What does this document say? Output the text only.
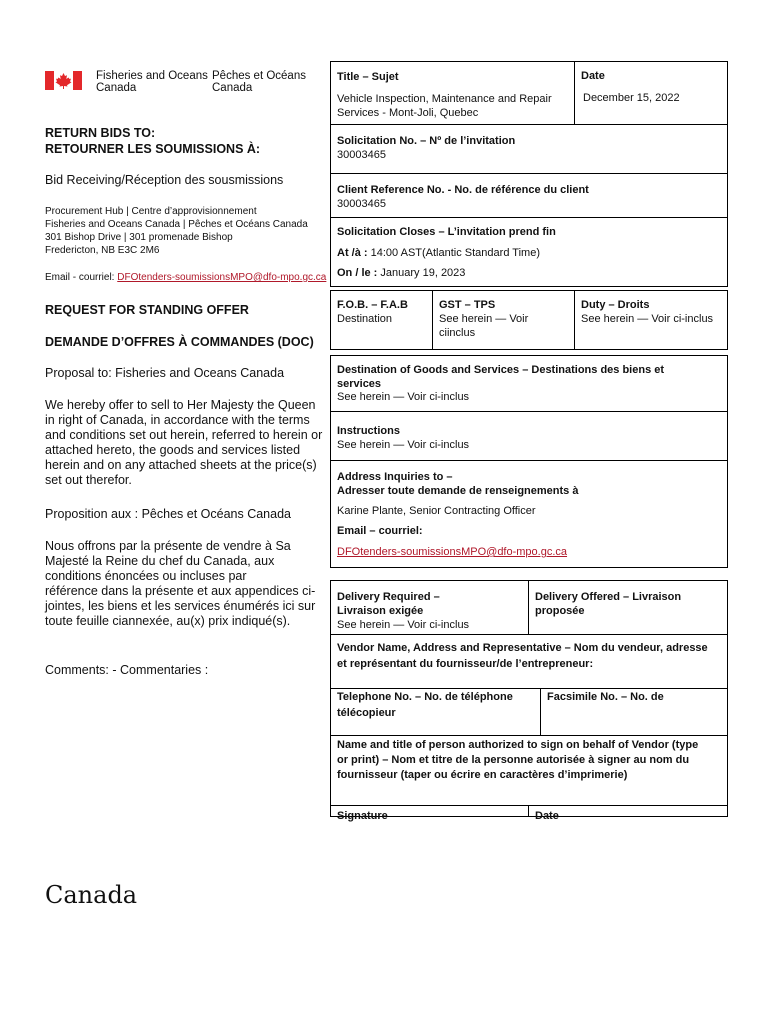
Fisheries and Oceans
Canada
Pêches et Océans
Canada
RETURN BIDS TO:
RETOURNER LES SOUMISSIONS À:
Bid Receiving/Réception des sousmissions
Procurement Hub | Centre d’approvisionnement
Fisheries and Oceans Canada | Pêches et Océans Canada
301 Bishop Drive | 301 promenade Bishop
Fredericton, NB E3C 2M6
Email - courriel: DFOtenders-soumissionsMPO@dfo-mpo.gc.ca
REQUEST FOR STANDING OFFER
DEMANDE D’OFFRES À COMMANDES (DOC)
Proposal to: Fisheries and Oceans Canada
We hereby offer to sell to Her Majesty the Queen
in right of Canada, in accordance with the terms
and conditions set out herein, referred to herein or
attached hereto, the goods and services listed
herein and on any attached sheets at the price(s)
set out therefor.
Proposition aux : Pêches et Océans Canada
Nous offrons par la présente de vendre à Sa
Majesté la Reine du chef du Canada, aux
conditions énoncées ou incluses par
référence dans la présente et aux appendices ci-
jointes, les biens et les services énumérés ici sur
toute feuille ciannexée, au(x) prix indiqué(s).
Comments: - Commentaries :
Canada
Title – Sujet
Vehicle Inspection, Maintenance and Repair
Services - Mont-Joli, Quebec
Date
December 15, 2022
Solicitation No. – Nº de l’invitation
30003465
Client Reference No. - No. de référence du client
30003465
Solicitation Closes – L’invitation prend fin
At /à : 14:00 AST(Atlantic Standard Time)
On / le : January 19, 2023
F.O.B. – F.A.B
Destination
GST – TPS
See herein — Voir
ciinclus
Duty – Droits
See herein — Voir ci-inclus
Destination of Goods and Services – Destinations des biens et
services
See herein — Voir ci-inclus
Instructions
See herein — Voir ci-inclus
Address Inquiries to –
Adresser toute demande de renseignements à
Karine Plante, Senior Contracting Officer
Email – courriel:
DFOtenders-soumissionsMPO@dfo-mpo.gc.ca
Delivery Required –
Livraison exigée
See herein — Voir ci-inclus
Delivery Offered – Livraison
proposée
Vendor Name, Address and Representative – Nom du vendeur, adresse
et représentant du fournisseur/de l’entrepreneur:
Telephone No. – No. de téléphone
télécopieur
Facsimile No. – No. de
Name and title of person authorized to sign on behalf of Vendor (type
or print) – Nom et titre de la personne autorisée à signer au nom du
fournisseur (taper ou écrire en caractères d’imprimerie)
Signature	Date
